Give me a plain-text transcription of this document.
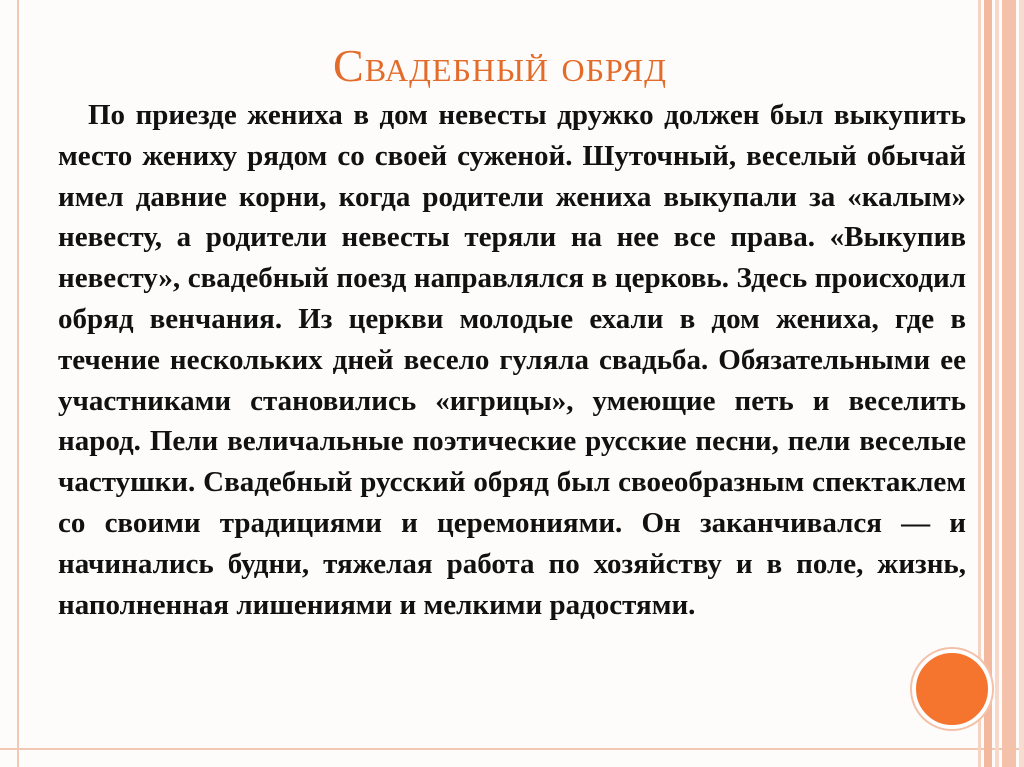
Свадебный обряд

По приезде жениха в дом невесты дружко должен был выкупить место жениху рядом со своей суженой. Шуточный, веселый обычай имел давние корни, когда родители жениха выкупали за «калым» невесту, а родители невесты теряли на нее все права. «Выкупив невесту», свадебный поезд направлялся в церковь. Здесь происходил обряд венчания. Из церкви молодые ехали в дом жениха, где в течение нескольких дней весело гуляла свадьба. Обязательными ее участниками становились «игрицы», умеющие петь и веселить народ. Пели величальные поэтические русские песни, пели веселые частушки. Свадебный русский обряд был своеобразным спектаклем со своими традициями и церемониями. Он заканчивался — и начинались будни, тяжелая работа по хозяйству и в поле, жизнь, наполненная лишениями и мелкими радостями.
